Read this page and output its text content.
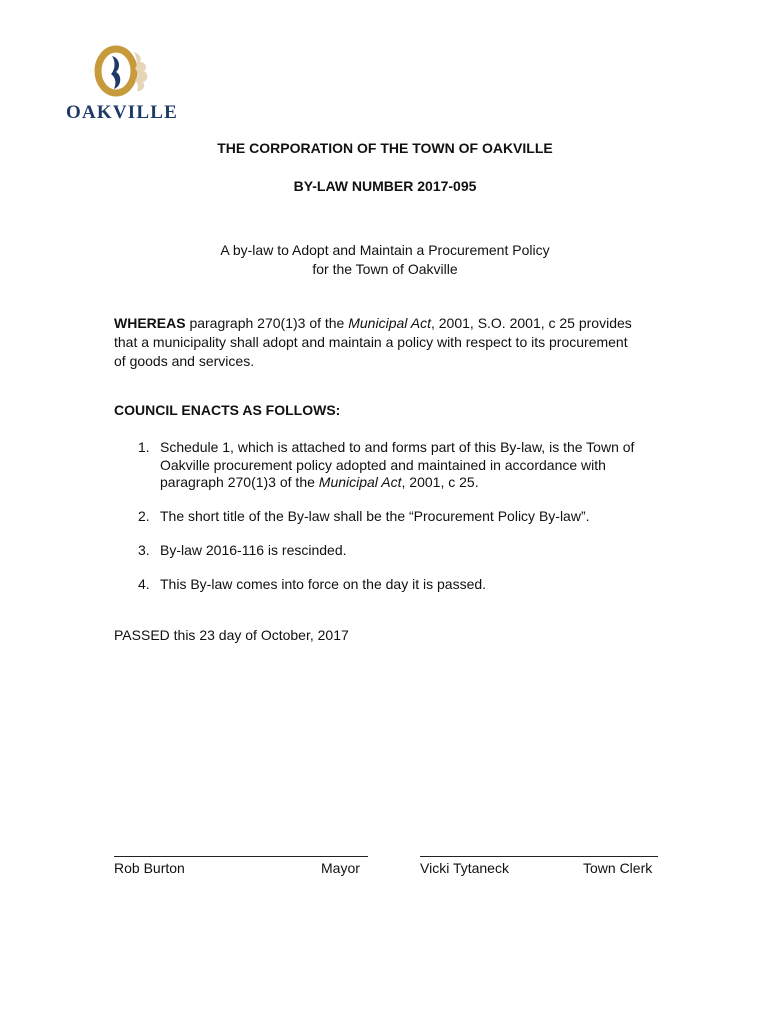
OAKVILLE
THE CORPORATION OF THE TOWN OF OAKVILLE
BY-LAW NUMBER 2017-095
A by-law to Adopt and Maintain a Procurement Policy
for the Town of Oakville
WHEREAS paragraph 270(1)3 of the Municipal Act, 2001, S.O. 2001, c 25 provides
that a municipality shall adopt and maintain a policy with respect to its procurement
of goods and services.
COUNCIL ENACTS AS FOLLOWS:
1. Schedule 1, which is attached to and forms part of this By-law, is the Town of
Oakville procurement policy adopted and maintained in accordance with
paragraph 270(1)3 of the Municipal Act, 2001, c 25.
2. The short title of the By-law shall be the “Procurement Policy By-law”.
3. By-law 2016-116 is rescinded.
4. This By-law comes into force on the day it is passed.
PASSED this 23 day of October, 2017
Rob Burton	Mayor	Vicki Tytaneck	Town Clerk
